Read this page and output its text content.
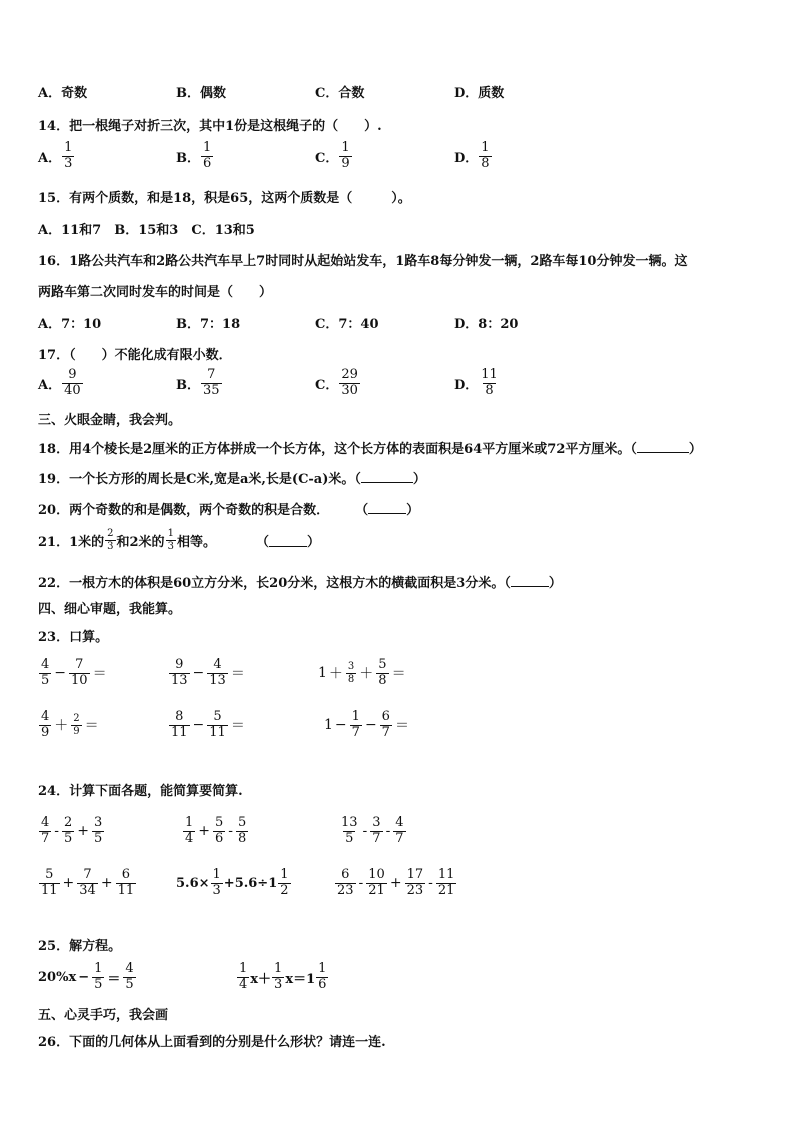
A．奇数	B．偶数	C．合数	D．质数
14．把一根绳子对折三次，其中1份是这根绳子的（　　）.
A． $\frac{1}{3}$	B． $\frac{1}{6}$	C． $\frac{1}{9}$	D． $\frac{1}{8}$
15．有两个质数，和是18，积是65，这两个质数是（　　　）。
A．11和7　B．15和3　C．13和5
16．1路公共汽车和2路公共汽车早上7时同时从起始站发车，1路车8每分钟发一辆，2路车每10分钟发一辆。这
两路车第二次同时发车的时间是（　　）
A．7：10	B．7：18	C．7：40	D．8：20
17．（　　）不能化成有限小数．
A． $\frac{9}{40}$	B． $\frac{7}{35}$	C． $\frac{29}{30}$	D． $\frac{11}{8}$
三、火眼金睛，我会判。
18．用4个棱长是2厘米的正方体拼成一个长方体，这个长方体的表面积是64平方厘米或72平方厘米。（	）
19．一个长方形的周长是C米,宽是a米,长是(C-a)米。（	）
20．两个奇数的和是偶数，两个奇数的积是合数． （	）
21．1米的 $\frac{2}{3}$ 和2米的 $\frac{1}{3}$ 相等。	（	）
22．一根方木的体积是60立方分米，长20分米，这根方木的横截面积是3分米。（	）
四、细心审题，我能算。
23．口算。
$\frac{4}{5} - \frac{7}{10}$ ＝	$\frac{9}{13} - \frac{4}{13}$ ＝	$1 + \frac{3}{8} + \frac{5}{8}$ ＝
$\frac{4}{9} + \frac{2}{9}$ ＝	$\frac{8}{11} - \frac{5}{11}$ ＝	$1 - \frac{1}{7} - \frac{6}{7}$ ＝
24．计算下面各题，能简算要简算.
$\frac{4}{7} - \frac{2}{5} + \frac{3}{5}$	$\frac{1}{4} + \frac{5}{6} - \frac{5}{8}$	$\frac{13}{5} - \frac{3}{7} - \frac{4}{7}$
$\frac{5}{11} + \frac{7}{34} + \frac{6}{11}$	$5.6\times \frac{1}{3} +5.6\div 1 \frac{1}{2}$	$\frac{6}{23} - \frac{10}{21} + \frac{17}{23} - \frac{11}{21}$
25．解方程。
$20\%x - \frac{1}{5} = \frac{4}{5}$	$\frac{1}{4} x+ \frac{1}{3} x=1 \frac{1}{6}$
五、心灵手巧，我会画
26．下面的几何体从上面看到的分别是什么形状？请连一连.
